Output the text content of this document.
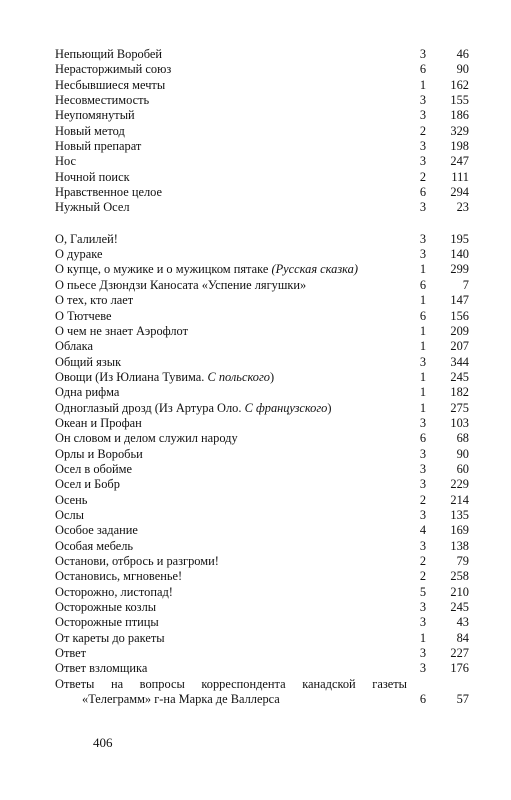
Непьющий Воробей	3	46
Нерасторжимый союз	6	90
Несбывшиеся мечты	1	162
Несовместимость	3	155
Неупомянутый	3	186
Новый метод	2	329
Новый препарат	3	198
Нос	3	247
Ночной поиск	2	111
Нравственное целое	6	294
Нужный Осел	3	23
О, Галилей!	3	195
О дураке	3	140
О купце, о мужике и о мужицком пятаке (Русская сказка)	1	299
О пьесе Дзюндзи Каносата «Успение лягушки»	6	7
О тех, кто лает	1	147
О Тютчеве	6	156
О чем не знает Аэрофлот	1	209
Облака	1	207
Общий язык	3	344
Овощи (Из Юлиана Тувима. С польского)	1	245
Одна рифма	1	182
Одноглазый дрозд (Из Артура Оло. С французского)	1	275
Океан и Профан	3	103
Он словом и делом служил народу	6	68
Орлы и Воробьи	3	90
Осел в обойме	3	60
Осел и Бобр	3	229
Осень	2	214
Ослы	3	135
Особое задание	4	169
Особая мебель	3	138
Останови, отбрось и разгроми!	2	79
Остановись, мгновенье!	2	258
Осторожно, листопад!	5	210
Осторожные козлы	3	245
Осторожные птицы	3	43
От кареты до ракеты	1	84
Ответ	3	227
Ответ взломщика	3	176
Ответы на вопросы корреспондента канадской газеты
«Телеграмм» г-на Марка де Валлерса	6	57
406
